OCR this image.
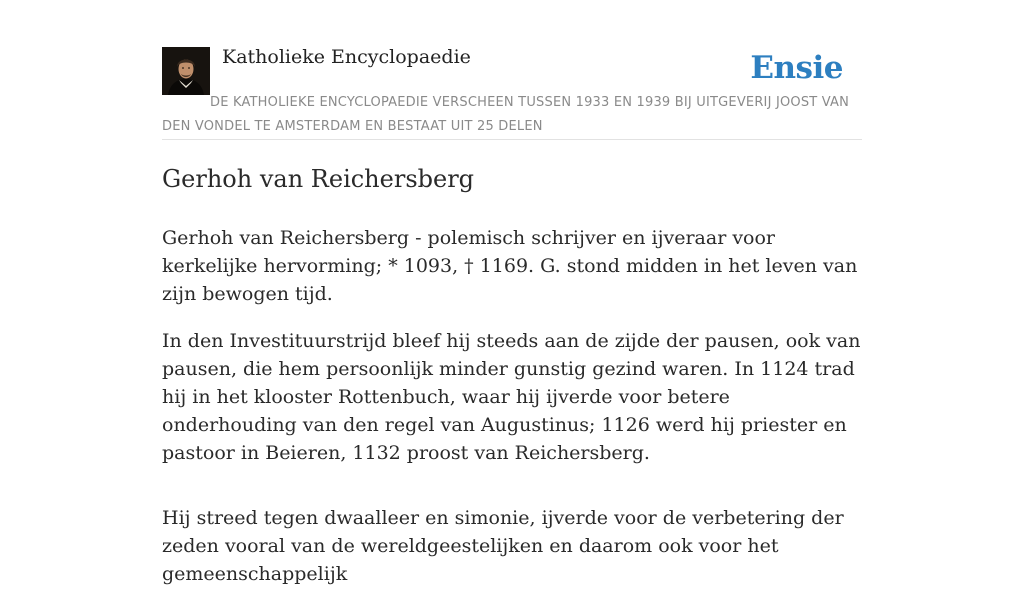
Katholieke Encyclopaedie	Ensie

DE KATHOLIEKE ENCYCLOPAEDIE VERSCHEEN TUSSEN 1933 EN 1939 BIJ UITGEVERIJ JOOST VAN DEN VONDEL TE AMSTERDAM EN BESTAAT UIT 25 DELEN

Gerhoh van Reichersberg

Gerhoh van Reichersberg - polemisch schrijver en ijveraar voor kerkelijke hervorming; * 1093, † 1169. G. stond midden in het leven van zijn bewogen tijd.

In den Investituurstrijd bleef hij steeds aan de zijde der pausen, ook van pausen, die hem persoonlijk minder gunstig gezind waren. In 1124 trad hij in het klooster Rottenbuch, waar hij ijverde voor betere onderhouding van den regel van Augustinus; 1126 werd hij priester en pastoor in Beieren, 1132 proost van Reichersberg.

Hij streed tegen dwaalleer en simonie, ijverde voor de verbetering der zeden vooral van de wereldgeestelijken en daarom ook voor het gemeenschappelijk
